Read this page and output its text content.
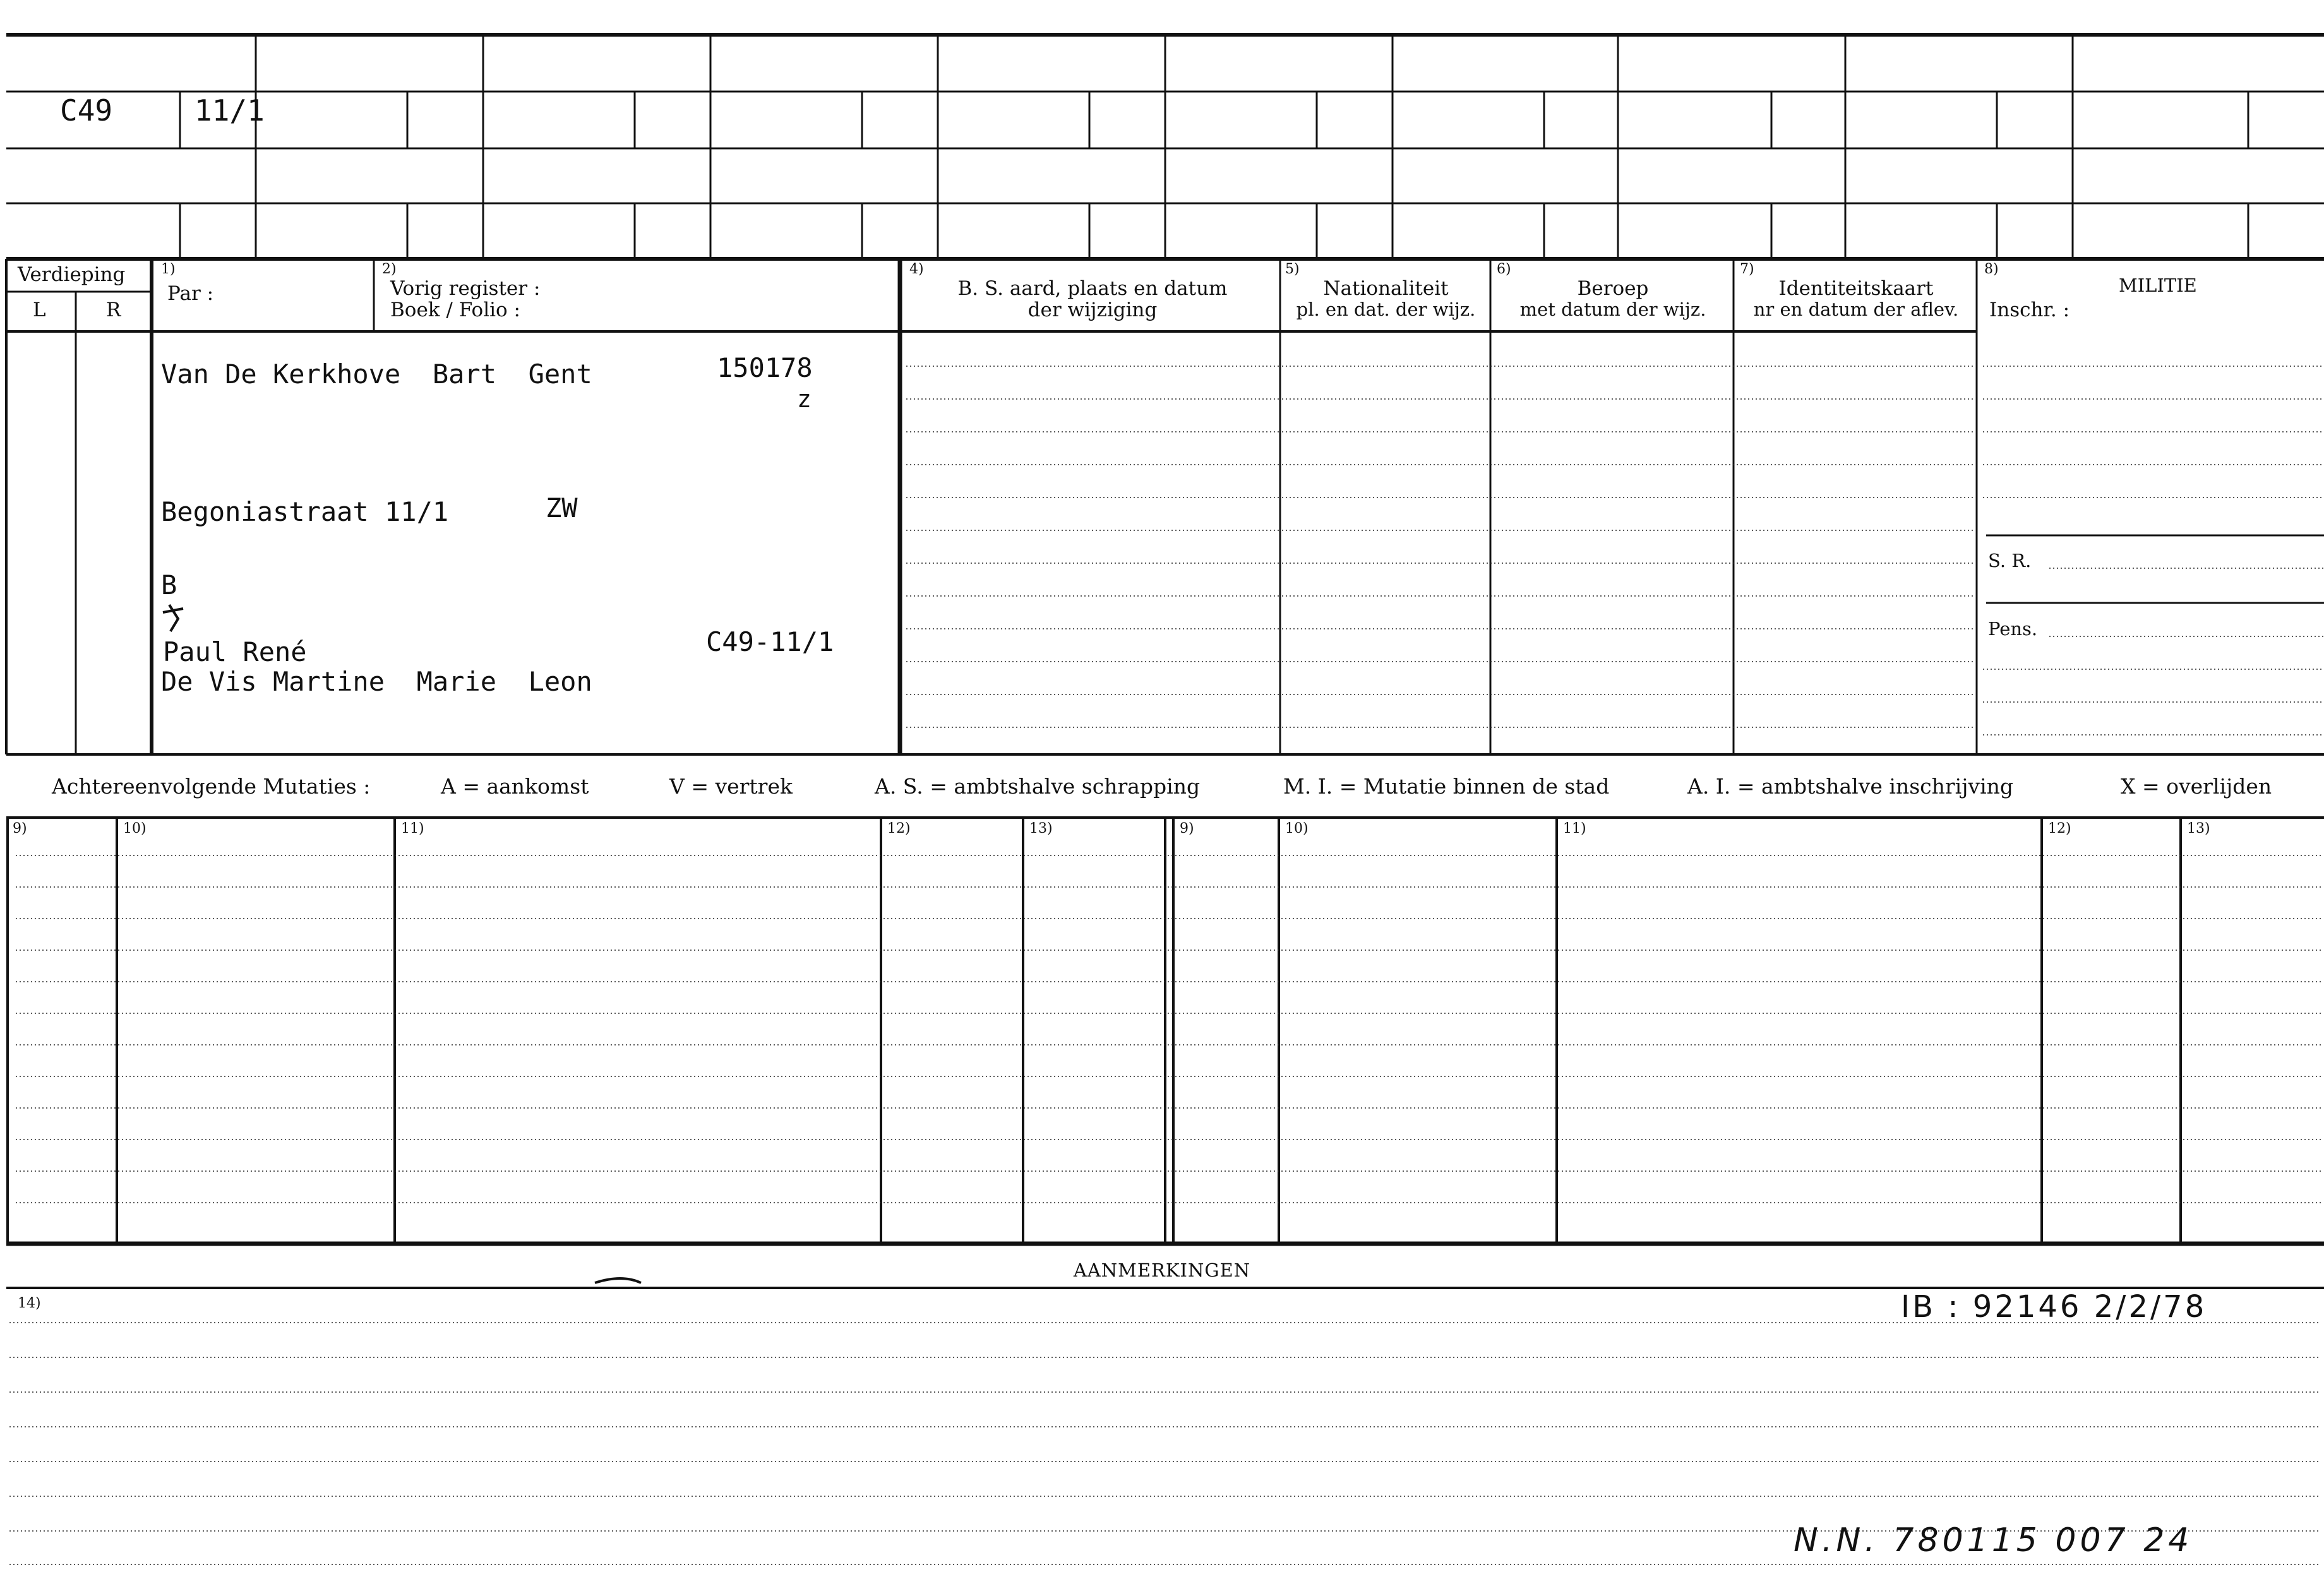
C49	11/1
Verdieping
L	R
1)
Par :
2)
Vorig register :
Boek / Folio :
4)
B. S. aard, plaats en datum
der wijziging
5)
Nationaliteit
pl. en dat. der wijz.
6)
Beroep
met datum der wijz.
7)
Identiteitskaart
nr en datum der aflev.
8)
MILITIE
Inschr. :
Van De Kerkhove  Bart  Gent	150178
z
Begoniastraat 11/1	ZW
B
Paul René	C49-11/1
De Vis Martine  Marie  Leon
S. R.
Pens.
Achtereenvolgende Mutaties :	A = aankomst	V = vertrek	A. S. = ambtshalve schrapping	M. I. = Mutatie binnen de stad	A. I. = ambtshalve inschrijving	X = overlijden
9)	10)	11)	12)	13)	9)	10)	11)	12)	13)
AANMERKINGEN
14)	IB : 92146 2/2/78
N.N. 780115 007 24
